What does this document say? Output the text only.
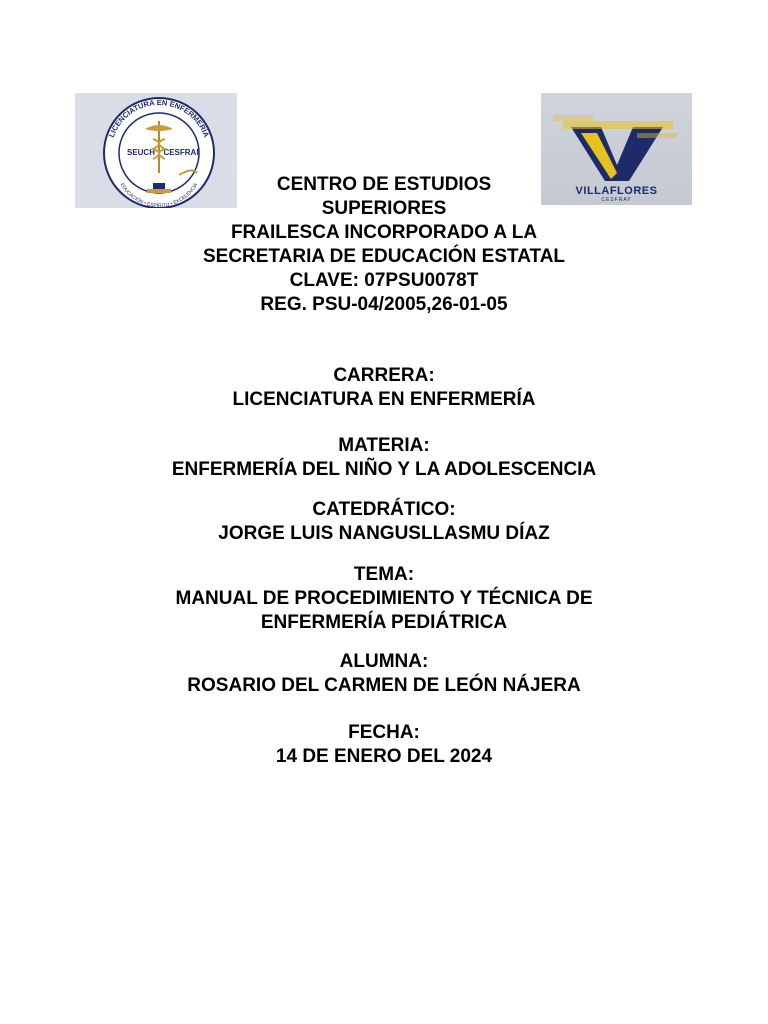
LICENCIATURA EN ENFERMERÍA
EDUCACIÓN • ESPÍRITU • EXCELENCIA
SEUCH CESFRAI
VILLAFLORES
CESFRAY
CENTRO DE ESTUDIOS
SUPERIORES
FRAILESCA INCORPORADO A LA
SECRETARIA DE EDUCACIÓN ESTATAL
CLAVE: 07PSU0078T
REG. PSU-04/2005,26-01-05
CARRERA:
LICENCIATURA EN ENFERMERÍA
MATERIA:
ENFERMERÍA DEL NIÑO Y LA ADOLESCENCIA
CATEDRÁTICO:
JORGE LUIS NANGUSLLASMU DÍAZ
TEMA:
MANUAL DE PROCEDIMIENTO Y TÉCNICA DE
ENFERMERÍA PEDIÁTRICA
ALUMNA:
ROSARIO DEL CARMEN DE LEÓN NÁJERA
FECHA:
14 DE ENERO DEL 2024
